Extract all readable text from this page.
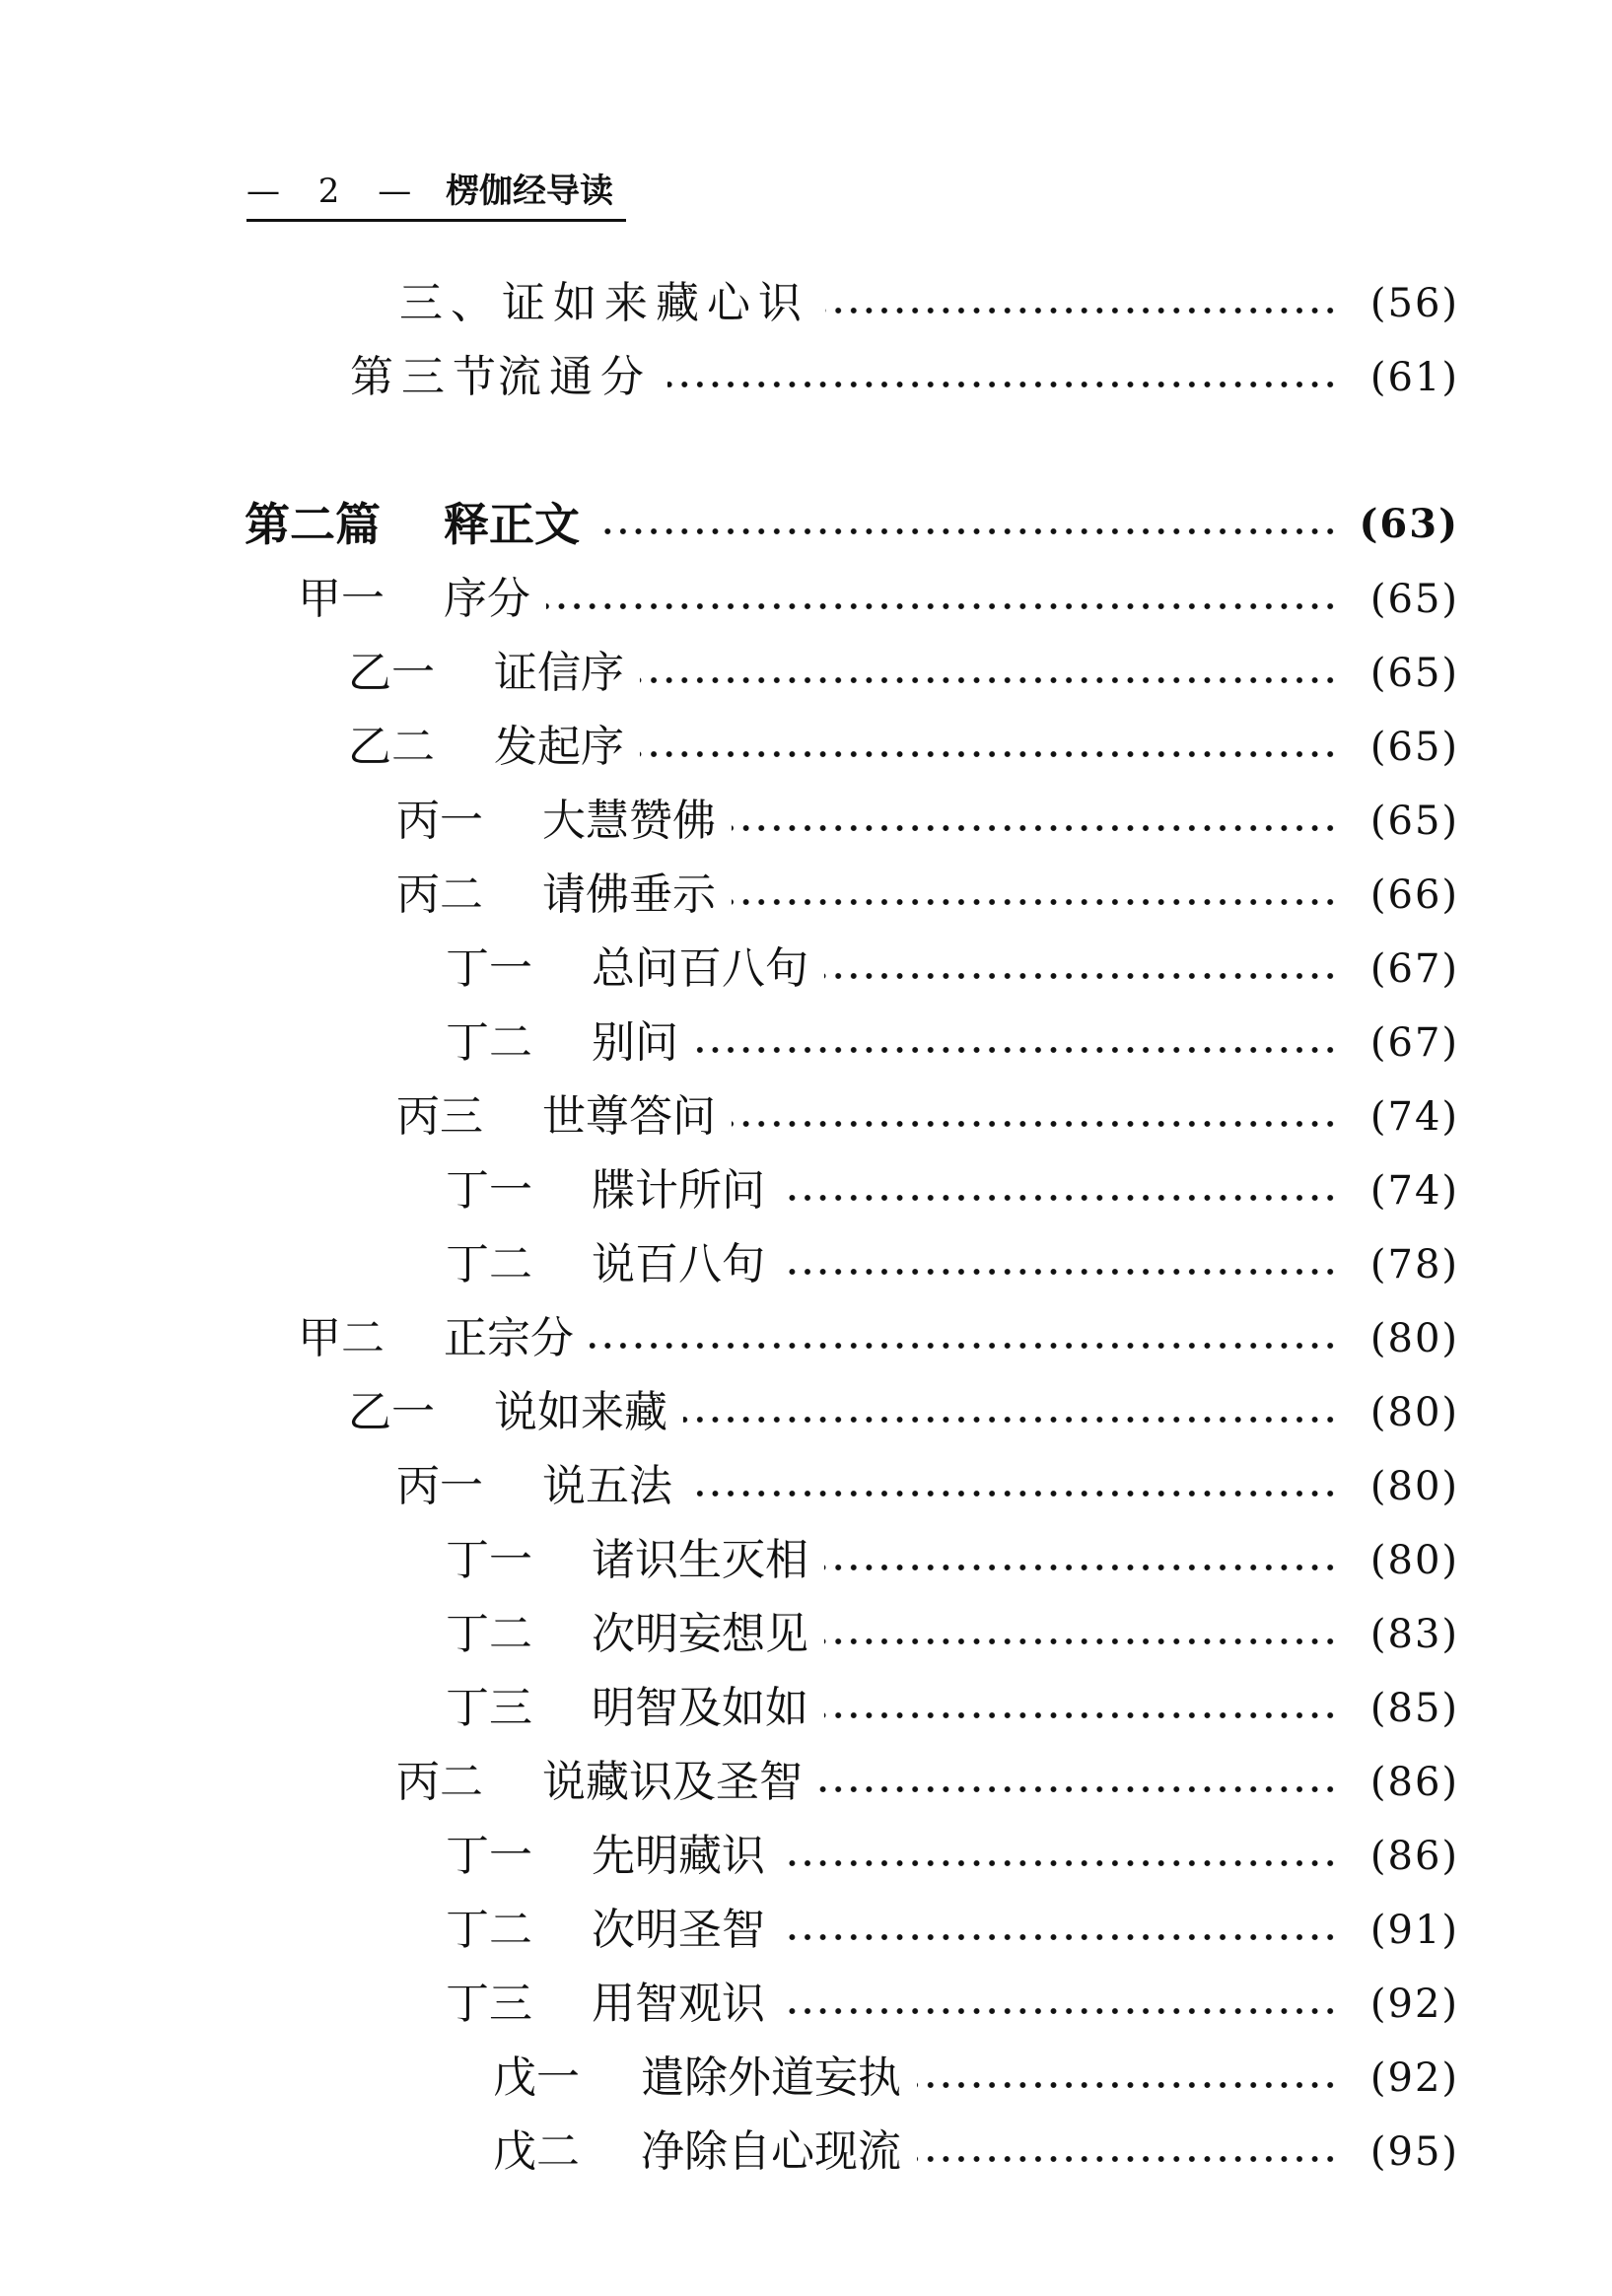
— 2 — 楞伽经导读
三、证如来藏心识	(56)
第三节流通分	(61)
第二篇 释正文	(63)
甲一 序分	(65)
乙一 证信序	(65)
乙二 发起序	(65)
丙一 大慧赞佛	(65)
丙二 请佛垂示	(66)
丁一 总问百八句	(67)
丁二 别问	(67)
丙三 世尊答问	(74)
丁一 牒计所问	(74)
丁二 说百八句	(78)
甲二 正宗分	(80)
乙一 说如来藏	(80)
丙一 说五法	(80)
丁一 诸识生灭相	(80)
丁二 次明妄想见	(83)
丁三 明智及如如	(85)
丙二 说藏识及圣智	(86)
丁一 先明藏识	(86)
丁二 次明圣智	(91)
丁三 用智观识	(92)
戊一 遣除外道妄执	(92)
戊二 净除自心现流	(95)
